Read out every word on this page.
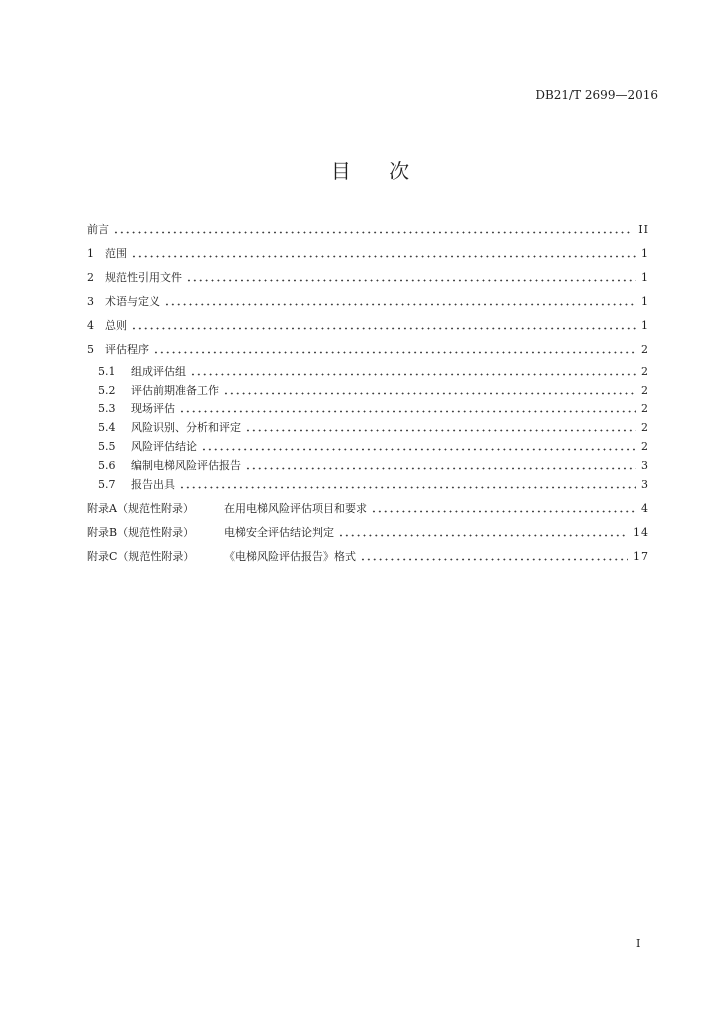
DB21/T 2699—2016
目 次
前言	II
1	范围	1
2	规范性引用文件	1
3	术语与定义	1
4	总则	1
5	评估程序	2
5.1	组成评估组	2
5.2	评估前期准备工作	2
5.3	现场评估	2
5.4	风险识别、分析和评定	2
5.5	风险评估结论	2
5.6	编制电梯风险评估报告	3
5.7	报告出具	3
附录A（规范性附录）	在用电梯风险评估项目和要求	4
附录B（规范性附录）	电梯安全评估结论判定	14
附录C（规范性附录）	《电梯风险评估报告》格式	17
I
